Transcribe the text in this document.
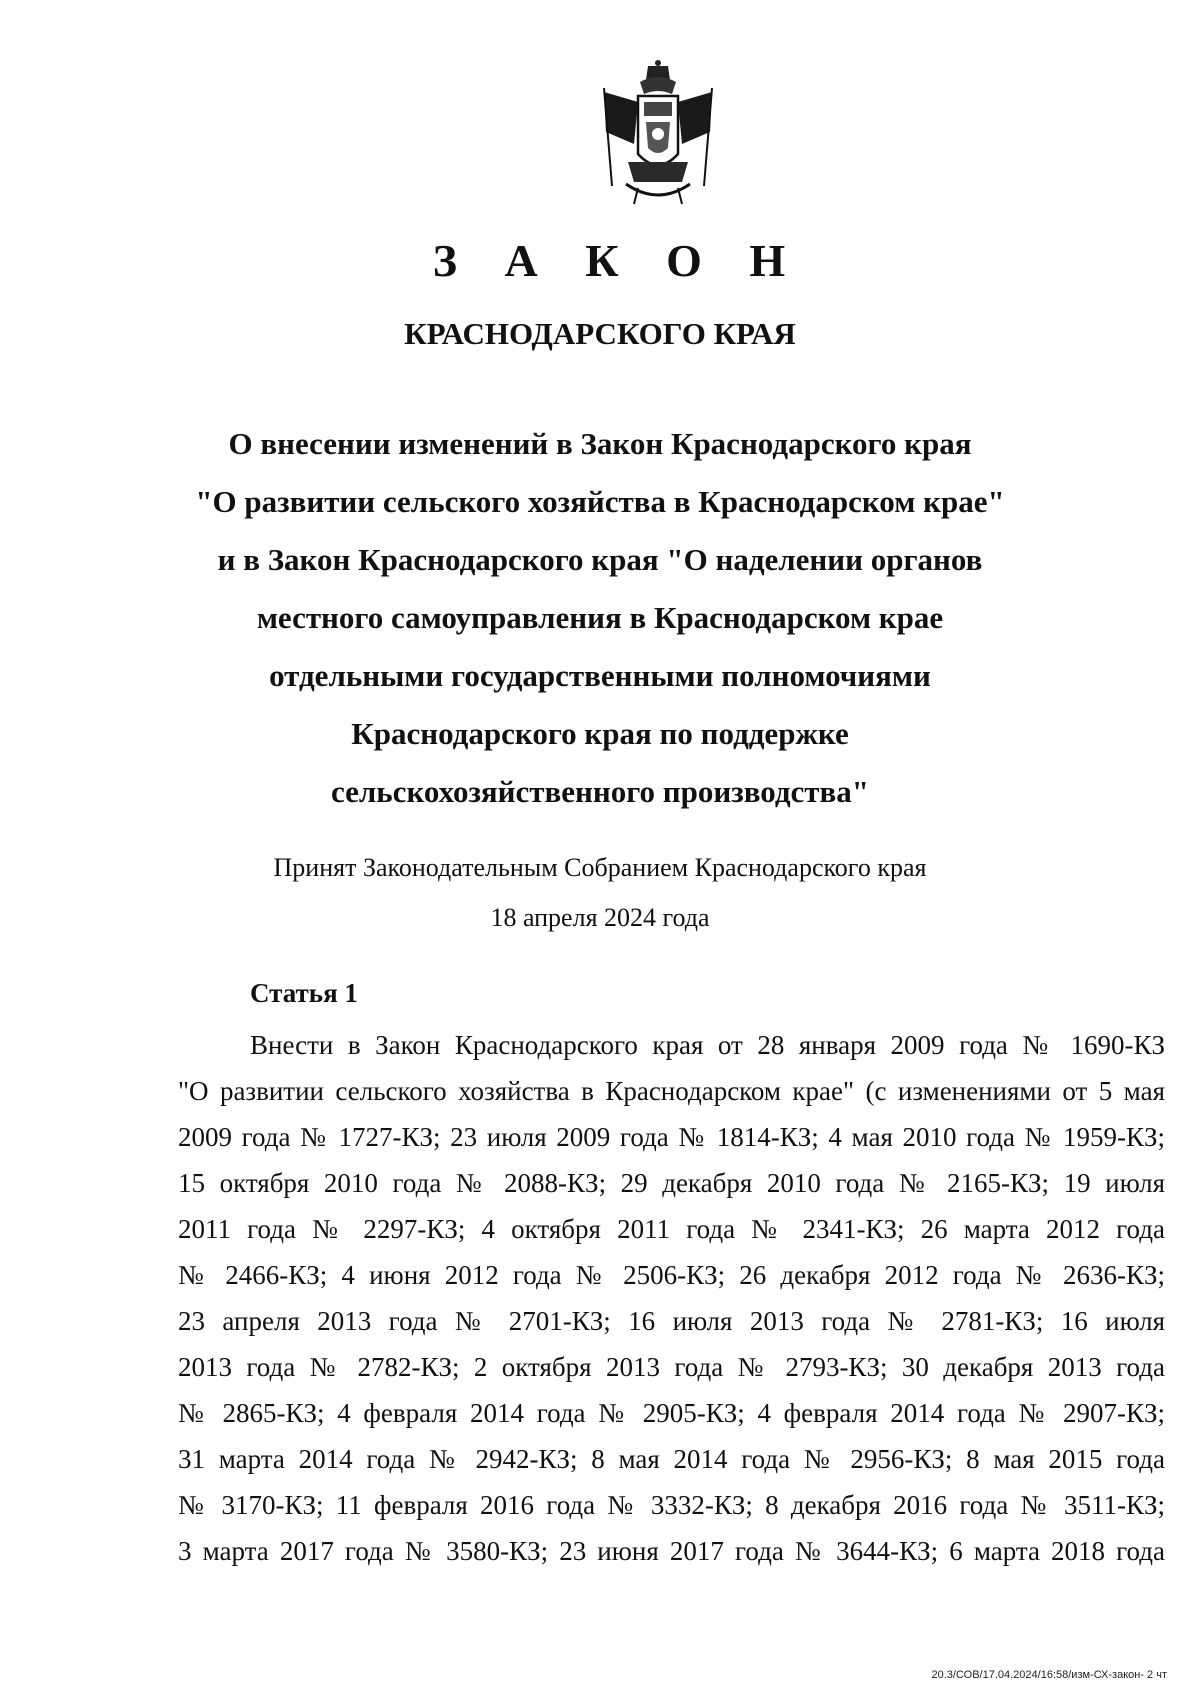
З А К О Н
КРАСНОДАРСКОГО КРАЯ
О внесении изменений в Закон Краснодарского края
"О развитии сельского хозяйства в Краснодарском крае"
и в Закон Краснодарского края "О наделении органов
местного самоуправления в Краснодарском крае
отдельными государственными полномочиями
Краснодарского края по поддержке
сельскохозяйственного производства"
Принят Законодательным Собранием Краснодарского края
18 апреля 2024 года
Статья 1
Внести в Закон Краснодарского края от 28 января 2009 года № 1690-КЗ
"О развитии сельского хозяйства в Краснодарском крае" (с изменениями от 5 мая
2009 года № 1727-КЗ; 23 июля 2009 года № 1814-КЗ; 4 мая 2010 года № 1959-КЗ;
15 октября 2010 года № 2088-КЗ; 29 декабря 2010 года № 2165-КЗ; 19 июля
2011 года № 2297-КЗ; 4 октября 2011 года № 2341-КЗ; 26 марта 2012 года
№ 2466-КЗ; 4 июня 2012 года № 2506-КЗ; 26 декабря 2012 года № 2636-КЗ;
23 апреля 2013 года № 2701-КЗ; 16 июля 2013 года № 2781-КЗ; 16 июля
2013 года № 2782-КЗ; 2 октября 2013 года № 2793-КЗ; 30 декабря 2013 года
№ 2865-КЗ; 4 февраля 2014 года № 2905-КЗ; 4 февраля 2014 года № 2907-КЗ;
31 марта 2014 года № 2942-КЗ; 8 мая 2014 года № 2956-КЗ; 8 мая 2015 года
№ 3170-КЗ; 11 февраля 2016 года № 3332-КЗ; 8 декабря 2016 года № 3511-КЗ;
3 марта 2017 года № 3580-КЗ; 23 июня 2017 года № 3644-КЗ; 6 марта 2018 года
20.3/СОВ/17.04.2024/16:58/изм-СХ-закон- 2 чт
